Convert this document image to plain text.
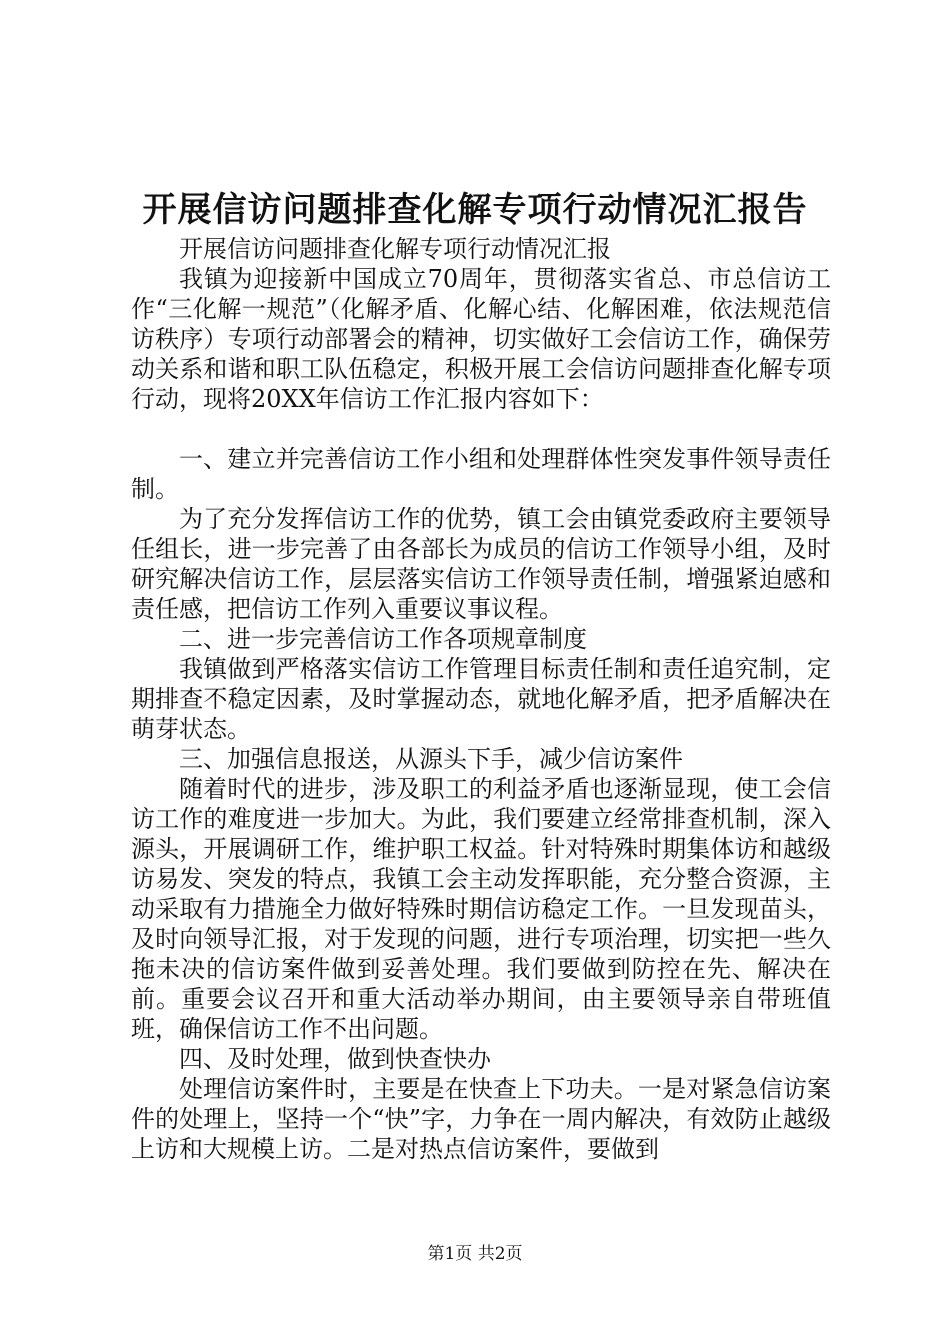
开展信访问题排查化解专项行动情况汇报告

开展信访问题排查化解专项行动情况汇报

我镇为迎接新中国成立70周年，贯彻落实省总、市总信访工作“三化解一规范”（化解矛盾、化解心结、化解困难，依法规范信访秩序）专项行动部署会的精神，切实做好工会信访工作，确保劳动关系和谐和职工队伍稳定，积极开展工会信访问题排查化解专项行动，现将20XX年信访工作汇报内容如下：

一、建立并完善信访工作小组和处理群体性突发事件领导责任制。

为了充分发挥信访工作的优势，镇工会由镇党委政府主要领导任组长，进一步完善了由各部长为成员的信访工作领导小组，及时研究解决信访工作，层层落实信访工作领导责任制，增强紧迫感和责任感，把信访工作列入重要议事议程。

二、进一步完善信访工作各项规章制度

我镇做到严格落实信访工作管理目标责任制和责任追究制，定期排查不稳定因素，及时掌握动态，就地化解矛盾，把矛盾解决在萌芽状态。

三、加强信息报送，从源头下手，减少信访案件

随着时代的进步，涉及职工的利益矛盾也逐渐显现，使工会信访工作的难度进一步加大。为此，我们要建立经常排查机制，深入源头，开展调研工作，维护职工权益。针对特殊时期集体访和越级访易发、突发的特点，我镇工会主动发挥职能，充分整合资源，主动采取有力措施全力做好特殊时期信访稳定工作。一旦发现苗头，及时向领导汇报，对于发现的问题，进行专项治理，切实把一些久拖未决的信访案件做到妥善处理。我们要做到防控在先、解决在前。重要会议召开和重大活动举办期间，由主要领导亲自带班值班，确保信访工作不出问题。

四、及时处理，做到快查快办

处理信访案件时，主要是在快查上下功夫。一是对紧急信访案件的处理上，坚持一个“快”字，力争在一周内解决，有效防止越级上访和大规模上访。二是对热点信访案件，要做到

第1页 共2页
